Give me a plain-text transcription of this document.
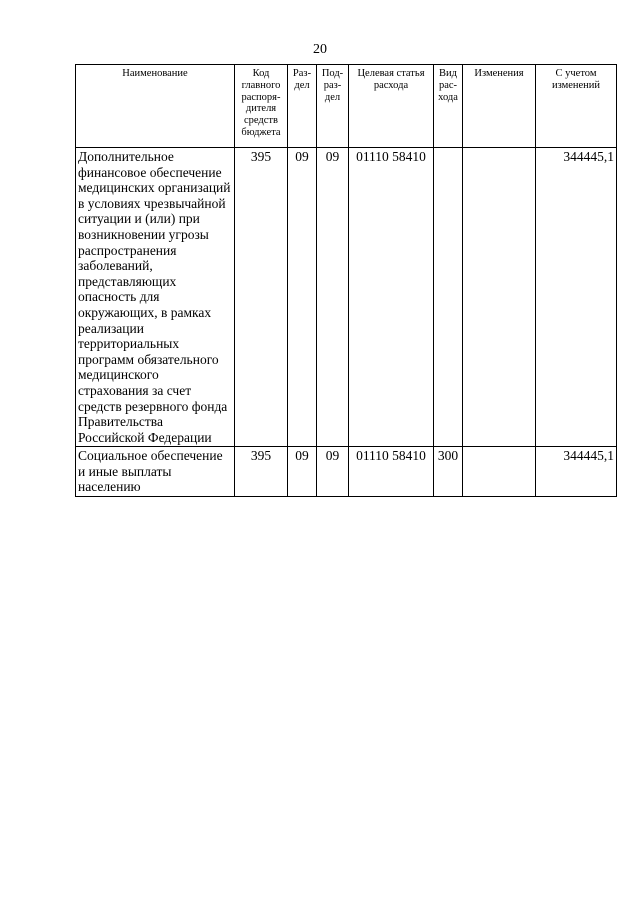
20
Наименование	Код главного распоря-дителя средств бюджета	Раз-дел	Под-раз-дел	Целевая статья расхода	Вид рас-хода	Изменения	С учетом изменений
Дополнительное финансовое обеспечение медицинских организаций в условиях чрезвычайной ситуации и (или) при возникновении угрозы распространения заболеваний, представляющих опасность для окружающих, в рамках реализации территориальных программ обязательного медицинского страхования за счет средств резервного фонда Правительства Российской Федерации	395	09	09	01110 58410			344445,1
Социальное обеспечение и иные выплаты населению	395	09	09	01110 58410	300		344445,1
